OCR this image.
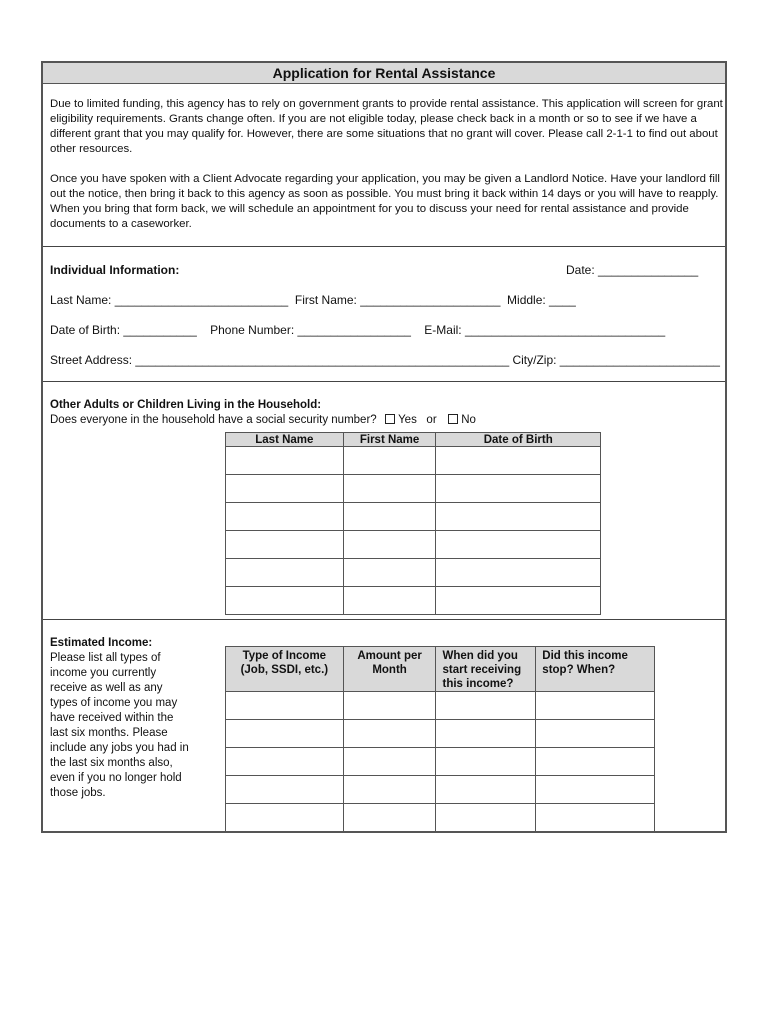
Application for Rental Assistance
Due to limited funding, this agency has to rely on government grants to provide rental assistance. This application will screen for grant eligibility requirements. Grants change often. If you are not eligible today, please check back in a month or so to see if we have a different grant that you may qualify for. However, there are some situations that no grant will cover. Please call 2-1-1 to find out about other resources.
Once you have spoken with a Client Advocate regarding your application, you may be given a Landlord Notice. Have your landlord fill out the notice, then bring it back to this agency as soon as possible. You must bring it back within 14 days or you will have to reapply. When you bring that form back, we will schedule an appointment for you to discuss your need for rental assistance and provide documents to a caseworker.
Individual Information:	Date: _______________
Last Name: __________________________  First Name: _____________________  Middle: ____
Date of Birth: ___________    Phone Number: _________________    E-Mail: ______________________________
Street Address: ________________________________________________________ City/Zip: ________________________
Other Adults or Children Living in the Household:
Does everyone in the household have a social security number? Yes or No
Last Name	First Name	Date of Birth

Estimated Income:
Please list all types of income you currently receive as well as any types of income you may have received within the last six months. Please include any jobs you had in the last six months also, even if you no longer hold those jobs.
Type of Income (Job, SSDI, etc.)	Amount per Month	When did you start receiving this income?	Did this income stop? When?
